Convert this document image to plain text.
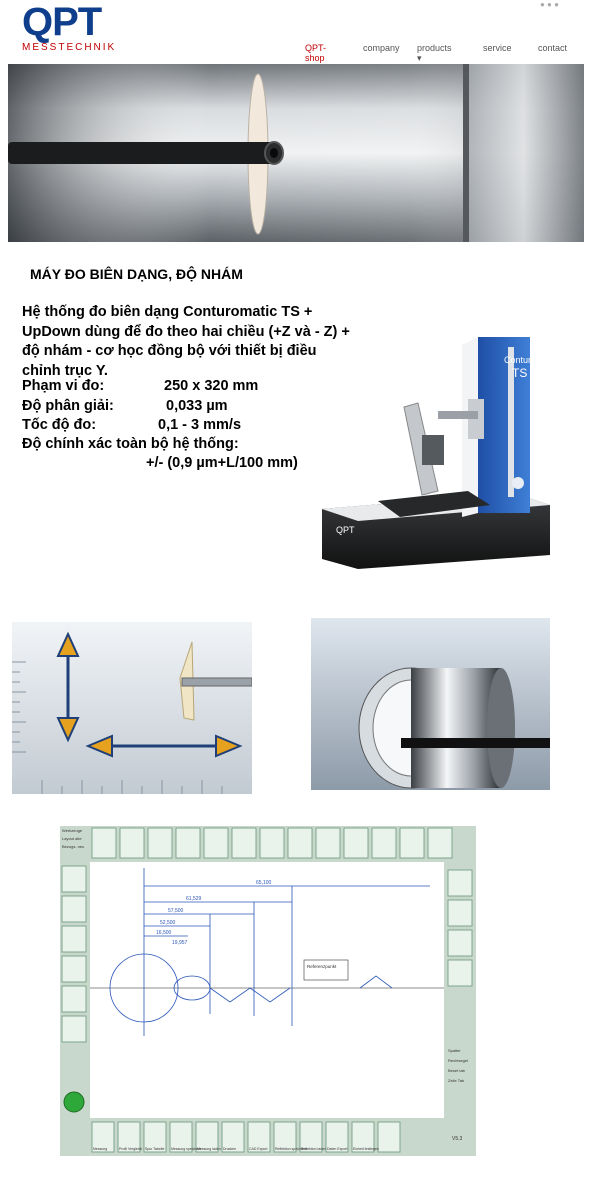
QPT
MESSTECHNIK	QPT-shop
company products ▾
service	contact
● ● ●
MÁY ĐO BIÊN DẠNG, ĐỘ NHÁM
Hệ thống đo biên dạng Conturomatic TS + UpDown dùng để đo theo hai chiều (+Z và - Z) + độ nhám - cơ học đồng bộ với thiết bị điều chỉnh trục Y.
Phạm vi đo:	250 x 320 mm
Độ phân giải:	0,033 µm
Tốc độ đo:	0,1 - 3 mm/s
Độ chính xác toàn bộ hệ thống:
+/- (0,9 µm+L/100 mm)
ConturoMatic
TS
QPT
Werkzeuge
Layout alte
Bezugs. neu
Spalter
Rechtsegel
Beset tab
Zeile Tab
65,100
61,529
57,500
52,500
16,500
19,957
Referenzpunkt
Messung	Profil Vergleich Spur Tabelle Messung speichern
Messung laden Drucken	CAD Export Reflektion speichern
Reflektion laden Daten Export Einheit festlegen
V5.3
